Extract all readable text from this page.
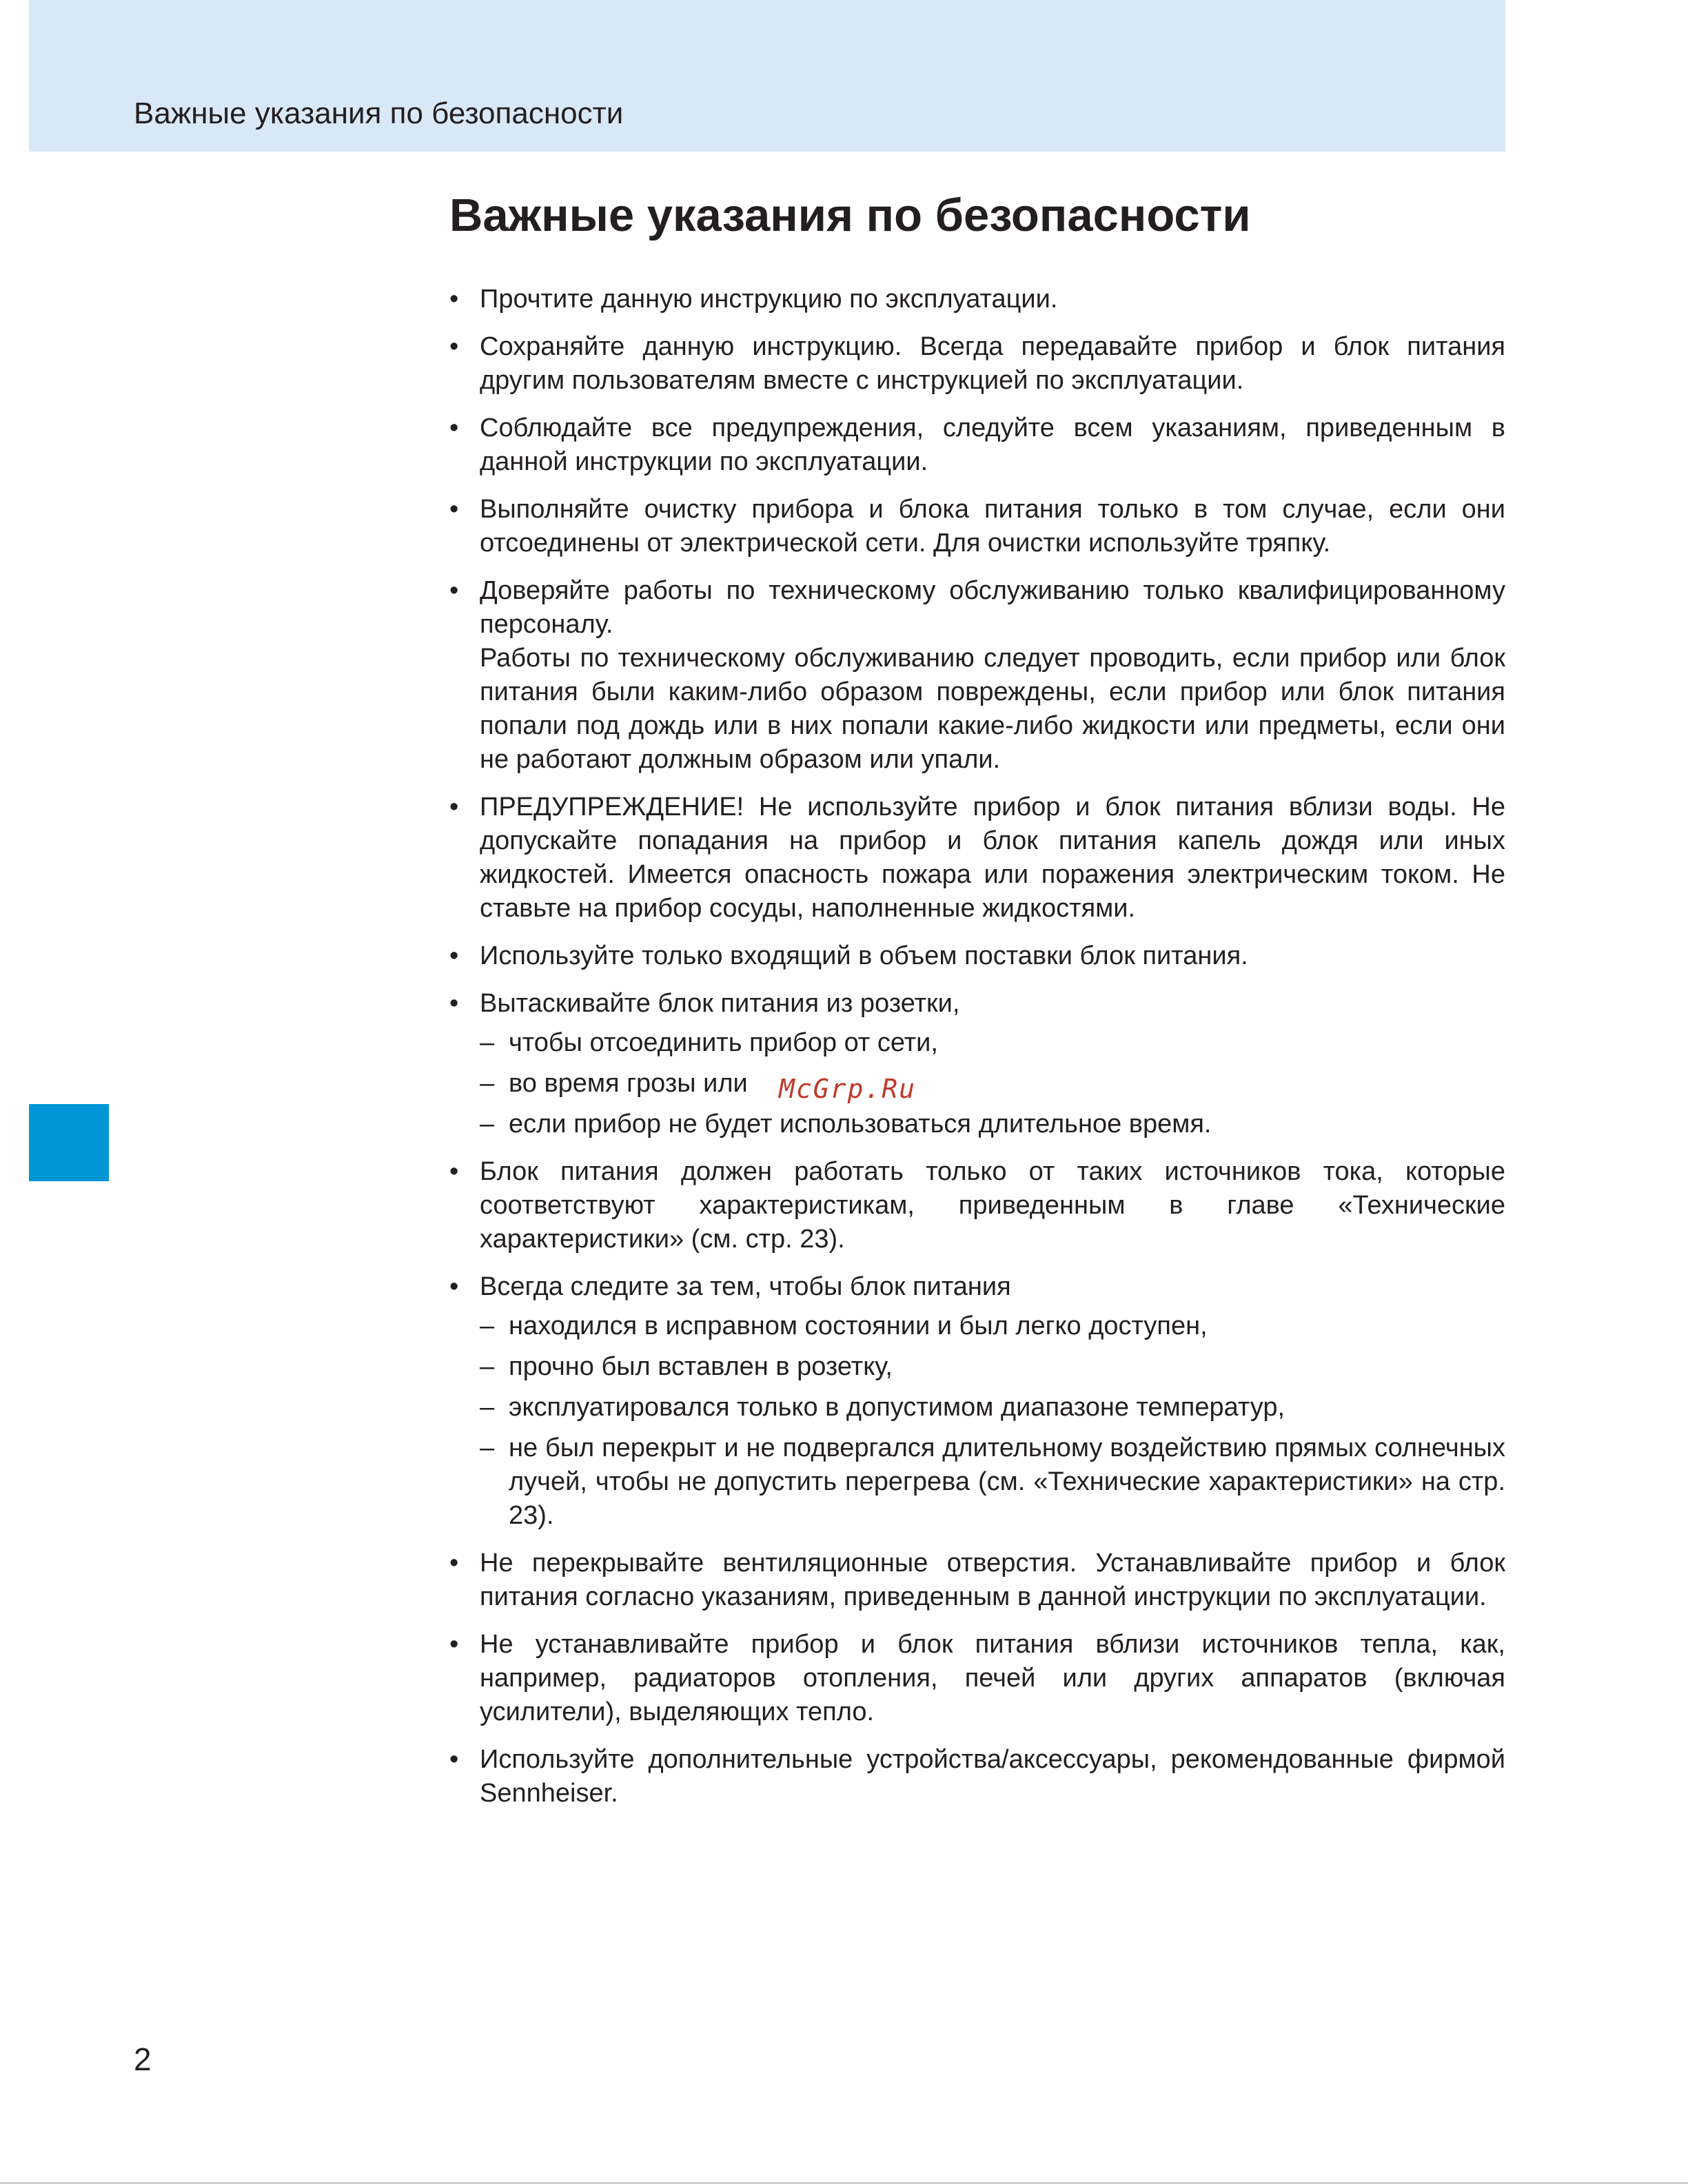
Важные указания по безопасности
Важные указания по безопасности
• Прочтите данную инструкцию по эксплуатации.
• Сохраняйте данную инструкцию. Всегда передавайте прибор и блок питания другим пользователям вместе с инструкцией по эксплуатации.
• Соблюдайте все предупреждения, следуйте всем указаниям, приведенным в данной инструкции по эксплуатации.
• Выполняйте очистку прибора и блока питания только в том случае, если они отсоединены от электрической сети. Для очистки используйте тряпку.
• Доверяйте работы по техническому обслуживанию только квалифицированному персоналу.
Работы по техническому обслуживанию следует проводить, если прибор или блок питания были каким-либо образом повреждены, если прибор или блок питания попали под дождь или в них попали какие-либо жидкости или предметы, если они не работают должным образом или упали.
• ПРЕДУПРЕЖДЕНИЕ! Не используйте прибор и блок питания вблизи воды. Не допускайте попадания на прибор и блок питания капель дождя или иных жидкостей. Имеется опасность пожара или поражения электрическим током. Не ставьте на прибор сосуды, наполненные жидкостями.
• Используйте только входящий в объем поставки блок питания.
• Вытаскивайте блок питания из розетки,
– чтобы отсоединить прибор от сети,
– во время грозы или
– если прибор не будет использоваться длительное время.
• Блок питания должен работать только от таких источников тока, которые соответствуют характеристикам, приведенным в главе «Технические характеристики» (см. стр. 23).
• Всегда следите за тем, чтобы блок питания
– находился в исправном состоянии и был легко доступен,
– прочно был вставлен в розетку,
– эксплуатировался только в допустимом диапазоне температур,
– не был перекрыт и не подвергался длительному воздействию прямых солнечных лучей, чтобы не допустить перегрева (см. «Технические характеристики» на стр. 23).
• Не перекрывайте вентиляционные отверстия. Устанавливайте прибор и блок питания согласно указаниям, приведенным в данной инструкции по эксплуатации.
• Не устанавливайте прибор и блок питания вблизи источников тепла, как, например, радиаторов отопления, печей или других аппаратов (включая усилители), выделяющих тепло.
• Используйте дополнительные устройства/аксессуары, рекомендованные фирмой Sennheiser.
McGrp.Ru
2
